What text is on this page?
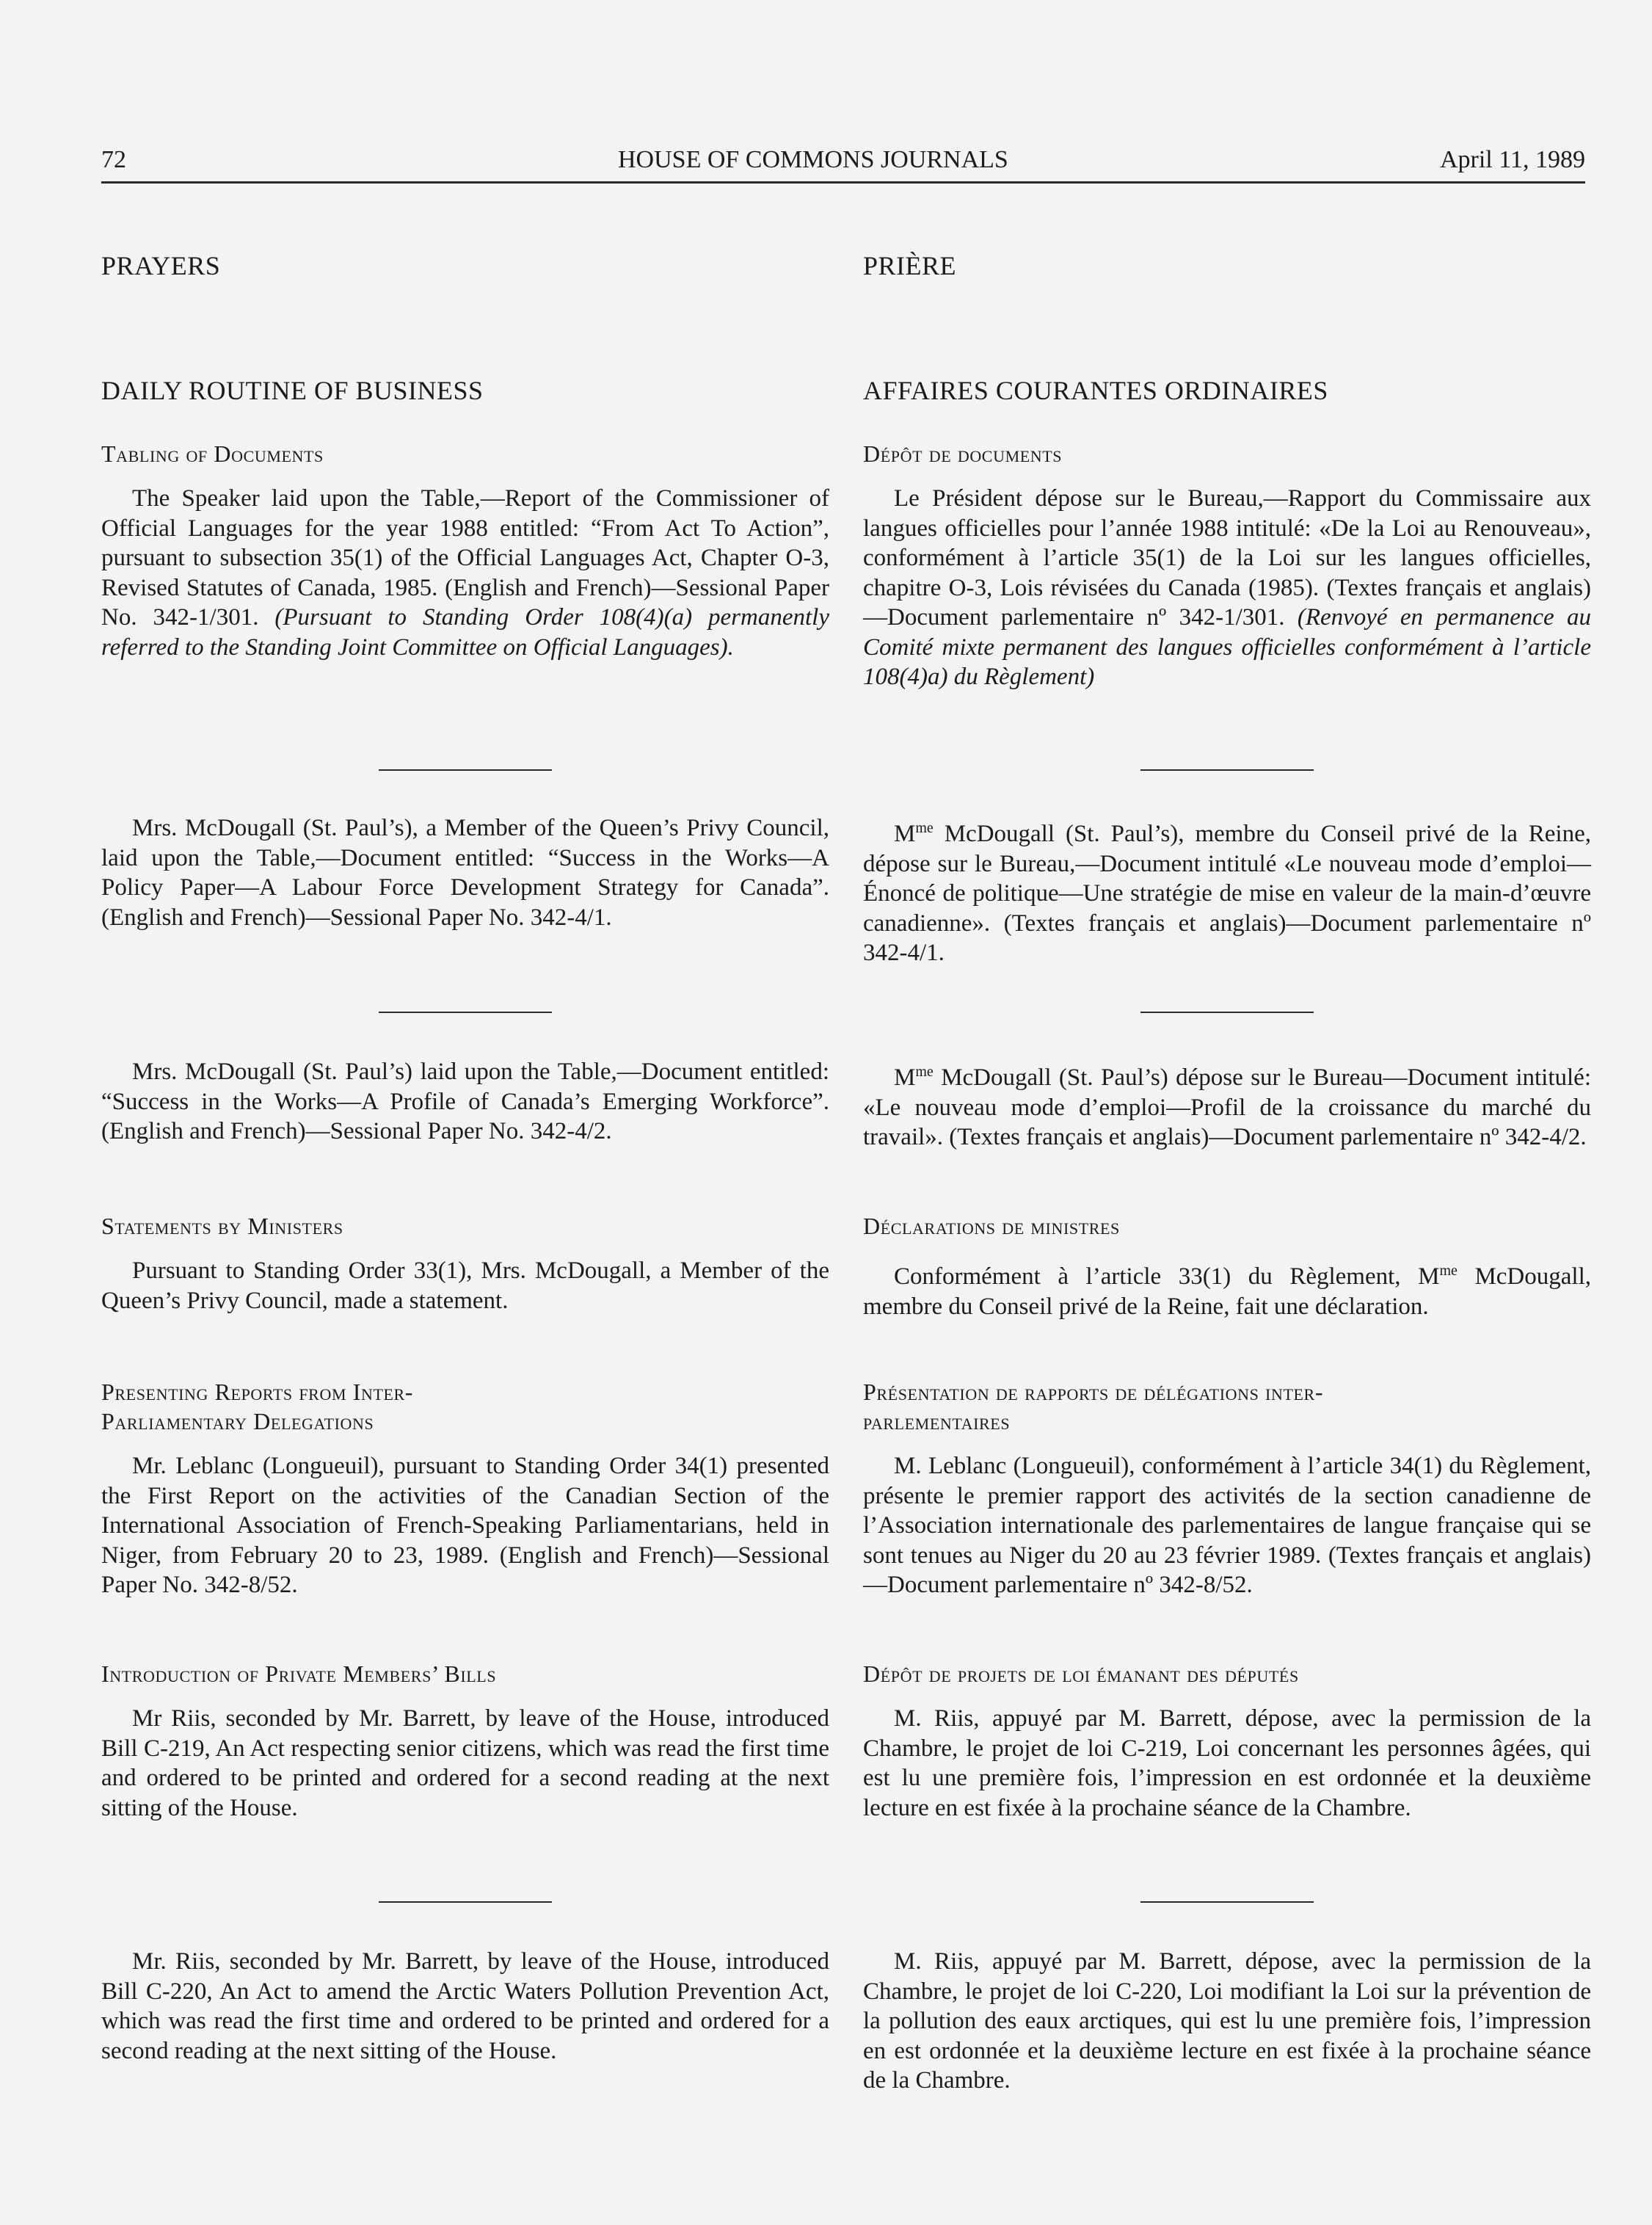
72	HOUSE OF COMMONS JOURNALS	April 11, 1989
PRAYERS
DAILY ROUTINE OF BUSINESS
Tabling of Documents

The Speaker laid upon the Table,—Report of the Commissioner of Official Languages for the year 1988 entitled: “From Act To Action”, pursuant to subsection 35(1) of the Official Languages Act, Chapter O-3, Revised Statutes of Canada, 1985. (English and French)—Sessional Paper No. 342-1/301. (Pursuant to Standing Order 108(4)(a) permanently referred to the Standing Joint Committee on Official Languages).

Mrs. McDougall (St. Paul’s), a Member of the Queen’s Privy Council, laid upon the Table,—Document entitled: “Success in the Works—A Policy Paper—A Labour Force Development Strategy for Canada”. (English and French)—Sessional Paper No. 342-4/1.

Mrs. McDougall (St. Paul’s) laid upon the Table,—Document entitled: “Success in the Works—A Profile of Canada’s Emerging Workforce”. (English and French)—Sessional Paper No. 342-4/2.

Statements by Ministers

Pursuant to Standing Order 33(1), Mrs. McDougall, a Member of the Queen’s Privy Council, made a statement.

Presenting Reports from Inter-
Parliamentary Delegations

Mr. Leblanc (Longueuil), pursuant to Standing Order 34(1) presented the First Report on the activities of the Canadian Section of the International Association of French-Speaking Parliamentarians, held in Niger, from February 20 to 23, 1989. (English and French)—Sessional Paper No. 342-8/52.

Introduction of Private Members’ Bills

Mr Riis, seconded by Mr. Barrett, by leave of the House, introduced Bill C-219, An Act respecting senior citizens, which was read the first time and ordered to be printed and ordered for a second reading at the next sitting of the House.

Mr. Riis, seconded by Mr. Barrett, by leave of the House, introduced Bill C-220, An Act to amend the Arctic Waters Pollution Prevention Act, which was read the first time and ordered to be printed and ordered for a second reading at the next sitting of the House.

PRIÈRE
AFFAIRES COURANTES ORDINAIRES
Dépôt de documents

Le Président dépose sur le Bureau,—Rapport du Commissaire aux langues officielles pour l’année 1988 intitulé: «De la Loi au Renouveau», conformément à l’article 35(1) de la Loi sur les langues officielles, chapitre O-3, Lois révisées du Canada (1985). (Textes français et anglais)—Document parlementaire nº 342-1/301. (Renvoyé en permanence au Comité mixte permanent des langues officielles conformément à l’article 108(4)a) du Règlement)

$M^{me}$ McDougall (St. Paul’s), membre du Conseil privé de la Reine, dépose sur le Bureau,—Document intitulé «Le nouveau mode d’emploi—Énoncé de politique—Une stratégie de mise en valeur de la main-d’œuvre canadienne». (Textes français et anglais)—Document parlementaire nº 342-4/1.

$M^{me}$ McDougall (St. Paul’s) dépose sur le Bureau—Document intitulé: «Le nouveau mode d’emploi—Profil de la croissance du marché du travail». (Textes français et anglais)—Document parlementaire nº 342-4/2.

Déclarations de ministres

Conformément à l’article 33(1) du Règlement, $M^{me}$ McDougall, membre du Conseil privé de la Reine, fait une déclaration.

Présentation de rapports de délégations inter-
parlementaires

M. Leblanc (Longueuil), conformément à l’article 34(1) du Règlement, présente le premier rapport des activités de la section canadienne de l’Association internationale des parlementaires de langue française qui se sont tenues au Niger du 20 au 23 février 1989. (Textes français et anglais)—Document parlementaire nº 342-8/52.

Dépôt de projets de loi émanant des députés

M. Riis, appuyé par M. Barrett, dépose, avec la permission de la Chambre, le projet de loi C-219, Loi concernant les personnes âgées, qui est lu une première fois, l’impression en est ordonnée et la deuxième lecture en est fixée à la prochaine séance de la Chambre.

M. Riis, appuyé par M. Barrett, dépose, avec la permission de la Chambre, le projet de loi C-220, Loi modifiant la Loi sur la prévention de la pollution des eaux arctiques, qui est lu une première fois, l’impression en est ordonnée et la deuxième lecture en est fixée à la prochaine séance de la Chambre.
